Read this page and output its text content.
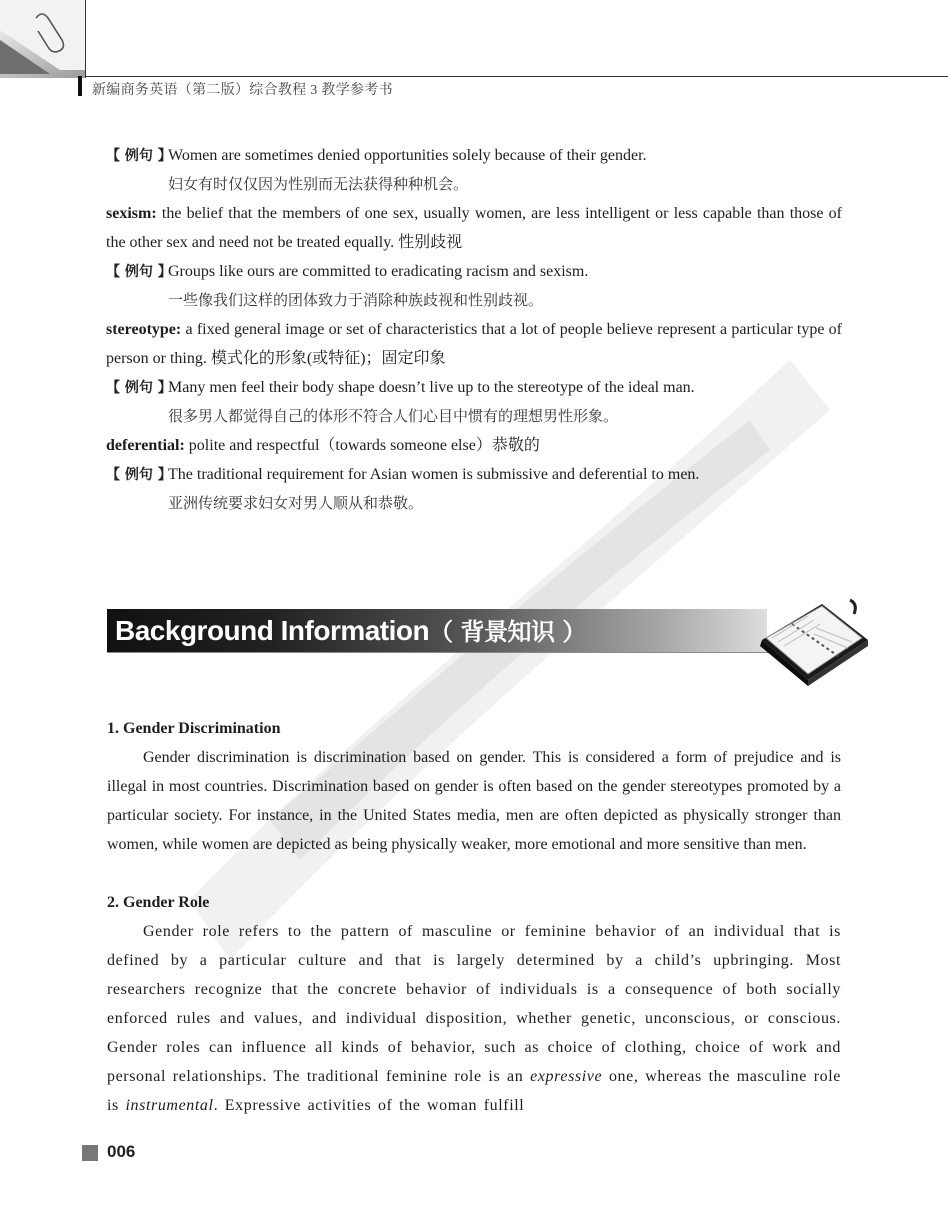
新编商务英语（第二版）综合教程 3 教学参考书
【 例句 】Women are sometimes denied opportunities solely because of their gender.
妇女有时仅仅因为性别而无法获得种种机会。
sexism: the belief that the members of one sex, usually women, are less intelligent or less capable than those of the other sex and need not be treated equally. 性别歧视
【 例句 】Groups like ours are committed to eradicating racism and sexism.
一些像我们这样的团体致力于消除种族歧视和性别歧视。
stereotype: a fixed general image or set of characteristics that a lot of people believe represent a particular type of person or thing. 模式化的形象(或特征)；固定印象
【 例句 】Many men feel their body shape doesn’t live up to the stereotype of the ideal man.
很多男人都觉得自己的体形不符合人们心目中惯有的理想男性形象。
deferential: polite and respectful（towards someone else）恭敬的
【 例句 】The traditional requirement for Asian women is submissive and deferential to men.
亚洲传统要求妇女对男人顺从和恭敬。
Background Information（ 背景知识 ）
1. Gender Discrimination
Gender discrimination is discrimination based on gender. This is considered a form of prejudice and is illegal in most countries. Discrimination based on gender is often based on the gender stereotypes promoted by a particular society. For instance, in the United States media, men are often depicted as physically stronger than women, while women are depicted as being physically weaker, more emotional and more sensitive than men.
2. Gender Role
Gender role refers to the pattern of masculine or feminine behavior of an individual that is defined by a particular culture and that is largely determined by a child’s upbringing. Most researchers recognize that the concrete behavior of individuals is a consequence of both socially enforced rules and values, and individual disposition, whether genetic, unconscious, or conscious. Gender roles can influence all kinds of behavior, such as choice of clothing, choice of work and personal relationships. The traditional feminine role is an expressive one, whereas the masculine role is instrumental. Expressive activities of the woman fulfill
006
